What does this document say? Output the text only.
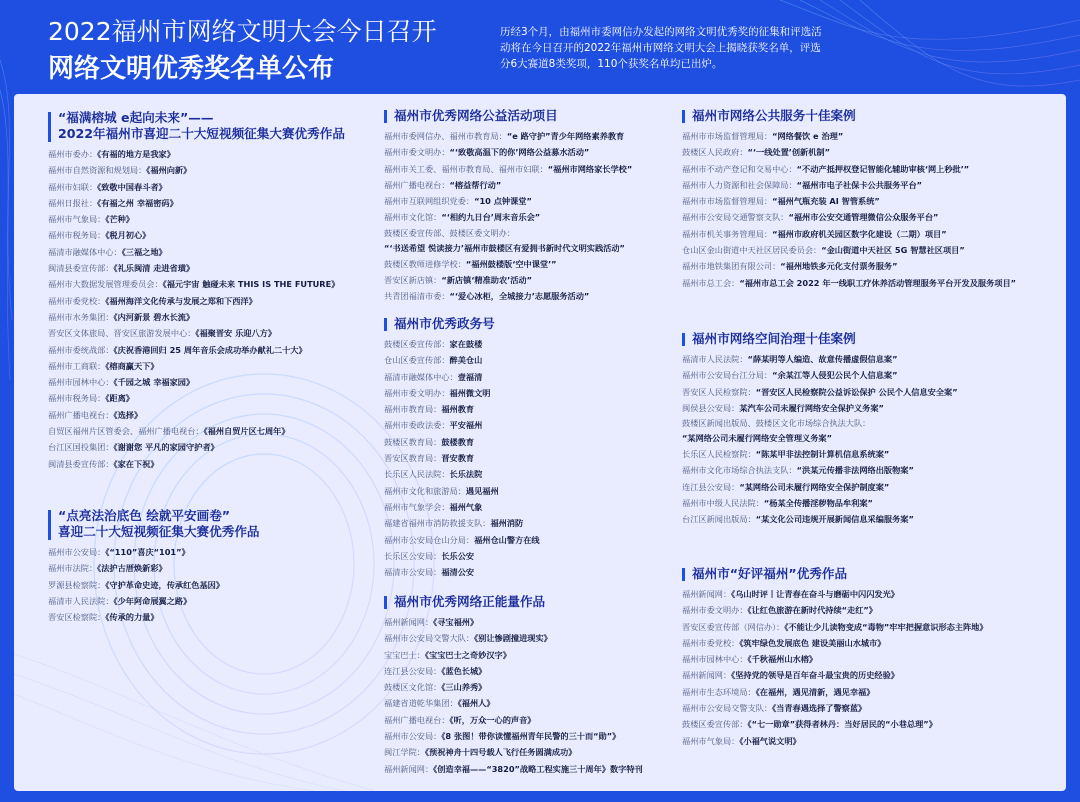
2022福州市网络文明大会今日召开
网络文明优秀奖名单公布
历经3个月，由福州市委网信办发起的网络文明优秀奖的征集和评选活动将在今日召开的2022年福州市网络文明大会上揭晓获奖名单，评选分6大赛道8类奖项，110个获奖名单均已出炉。
“福满榕城 e起向未来”——
2022年福州市喜迎二十大短视频征集大赛优秀作品
福州市委办：《有福的地方是我家》
福州市自然资源和规划局：《福州向新》
福州市妇联：《致敬中国春斗者》
福州日报社：《有福之州 幸福密码》
福州市气象局：《芒种》
福州市税务局：《税月初心》
福清市融媒体中心：《三福之地》
闽清县委宣传部：《礼乐闽清 走进省璜》
福州市大数据发展管理委员会：《福元宇宙 触碰未来 THIS IS THE FUTURE》
福州市委党校：《福州海洋文化传承与发展之郑和下西洋》
福州市水务集团：《内河新景 碧水长流》
晋安区文体旅局、晋安区旅游发展中心：《福聚晋安 乐迎八方》
福州市委统战部：《庆祝香港回归 25 周年音乐会成功举办献礼二十大》
福州市工商联：《榕商赢天下》
福州市园林中心：《千园之城 幸福家园》
福州市税务局：《距离》
福州广播电视台：《选择》
自贸区福州片区管委会、福州广播电视台：《福州自贸片区七周年》
台江区国投集团：《谢谢您 平凡的家园守护者》
闽清县委宣传部：《家在下祝》
“点亮法治底色 绘就平安画卷”
喜迎二十大短视频征集大赛优秀作品
福州市公安局：《“110”喜庆“101”》
福州市法院：《法护古厝焕新彩》
罗源县检察院：《守护革命史迹，传承红色基因》
福清市人民法院：《少年阿命展翼之路》
晋安区检察院：《传承的力量》
福州市优秀网络公益活动项目
福州市委网信办、福州市教育局：“e 路守护”青少年网络素养教育
福州市委文明办：“‘致敬高温下的你’网络公益募水活动”
福州市关工委、福州市教育局、福州市妇联：“福州市网络家长学校”
福州广播电视台：“榕益帮行动”
福州市互联网组织党委：“10 点钟课堂”
福州市文化馆：“‘相约九日台’周末音乐会”
鼓楼区委宣传部、鼓楼区委文明办：
“‘书送希望 悦读接力’福州市鼓楼区有爱拥书新时代文明实践活动”
鼓楼区教师进修学校：“福州鼓楼版‘空中课堂’”
晋安区新店镇：“新店镇‘精准助农’活动”
共青团福清市委：“‘爱心冰柜，全城接力’志愿服务活动”
福州市优秀政务号
鼓楼区委宣传部：家在鼓楼
仓山区委宣传部：醉美仓山
福清市融媒体中心：壹福清
福州市委文明办：福州微文明
福州市教育局：福州教育
福州市委政法委：平安福州
鼓楼区教育局：鼓楼教育
晋安区教育局：晋安教育
长乐区人民法院：长乐法院
福州市文化和旅游局：遇见福州
福州市气象学会：福州气象
福建省福州市消防救援支队：福州消防
福州市公安局仓山分局：福州仓山警方在线
长乐区公安局：长乐公安
福清市公安局：福清公安
福州市优秀网络正能量作品
福州新闻网：《寻宝福州》
福州市公安局交警大队：《别让惨剧撞进现实》
宝宝巴士：《宝宝巴士之奇妙汉字》
连江县公安局：《蓝色长城》
鼓楼区文化馆：《三山养秀》
福建省道乾华集团：《福州人》
福州广播电视台：《听，万众一心的声音》
福州市公安局：《8 张图！带你读懂福州青年民警的三十而“勋”》
闽江学院：《预祝神舟十四号载人飞行任务圆满成功》
福州新闻网：《创造幸福——“3820”战略工程实施三十周年》数字特刊
福州市网络公共服务十佳案例
福州市市场监督管理局：“网络餐饮 e 治理”
鼓楼区人民政府：“‘一线处置’创新机制”
福州市不动产登记和交易中心：“不动产抵押权登记智能化辅助审核‘网上秒批’”
福州市人力资源和社会保障局：“福州市电子社保卡公共服务平台”
福州市市场监督管理局：“福州气瓶充装 AI 智管系统”
福州市公安局交通警察支队：“福州市公安交通管理微信公众服务平台”
福州市机关事务管理局：“福州市政府机关园区数字化建设（二期）项目”
仓山区金山街道中天社区居民委员会：“金山街道中天社区 5G 智慧社区项目”
福州市地铁集团有限公司：“福州地铁多元化支付票务服务”
福州市总工会：“福州市总工会 2022 年一线职工疗休养活动管理服务平台开发及服务项目”
福州市网络空间治理十佳案例
福清市人民法院：“薛某明等人编造、故意传播虚假信息案”
福州市公安局台江分局：“余某江等人侵犯公民个人信息案”
晋安区人民检察院：“晋安区人民检察院公益诉讼保护 公民个人信息安全案”
闽侯县公安局：某汽车公司未履行网络安全保护义务案”
鼓楼区新闻出版局、鼓楼区文化市场综合执法大队：
“某网络公司未履行网络安全管理义务案”
长乐区人民检察院：“陈某甲非法控制计算机信息系统案”
福州市文化市场综合执法支队：“洪某元传播非法网络出版物案”
连江县公安局：“某网络公司未履行网络安全保护制度案”
福州市中级人民法院：“杨某全传播淫秽物品牟利案”
台江区新闻出版局：“某文化公司违规开展新闻信息采编服务案”
福州市“好评福州”优秀作品
福州新闻网：《乌山时评丨让青春在奋斗与磨砺中闪闪发光》
福州市委文明办：《让红色旅游在新时代持续“走红”》
晋安区委宣传部（网信办）：《不能让少儿读物变成“毒物”牢牢把握意识形态主阵地》
福州市委党校：《筑牢绿色发展底色 建设美丽山水城市》
福州市园林中心：《千秋福州山水榕》
福州新闻网：《坚持党的领导是百年奋斗最宝贵的历史经验》
福州市生态环境局：《在福州，遇见清新，遇见幸福》
福州市公安局交警支队：《当青春遇选择了警察蓝》
鼓楼区委宣传部：《“七一勋章”获得者林丹：当好居民的“小巷总理”》
福州市气象局：《小福气说文明》
